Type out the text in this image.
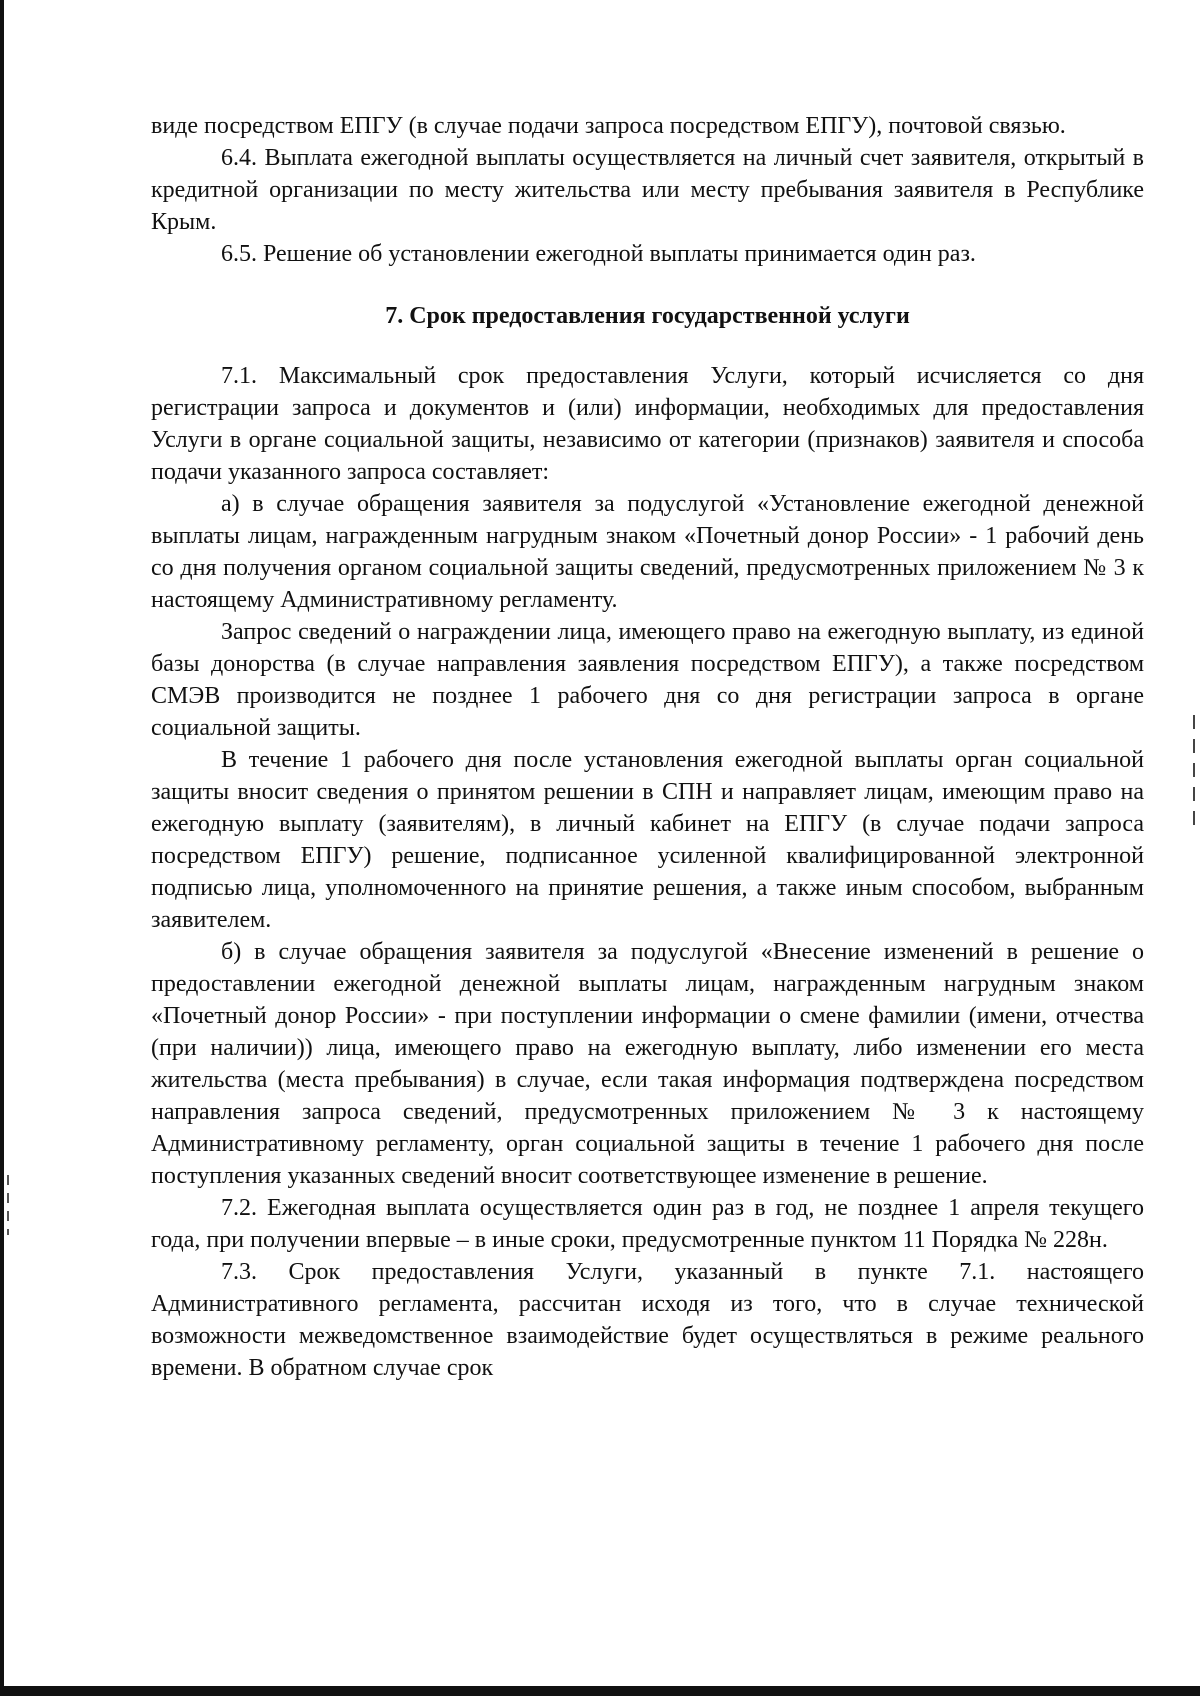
виде посредством ЕПГУ (в случае подачи запроса посредством ЕПГУ), почтовой связью.

6.4. Выплата ежегодной выплаты осуществляется на личный счет заявителя, открытый в кредитной организации по месту жительства или месту пребывания заявителя в Республике Крым.

6.5. Решение об установлении ежегодной выплаты принимается один раз.

7. Срок предоставления государственной услуги

7.1. Максимальный срок предоставления Услуги, который исчисляется со дня регистрации запроса и документов и (или) информации, необходимых для предоставления Услуги в органе социальной защиты, независимо от категории (признаков) заявителя и способа подачи указанного запроса составляет:

а) в случае обращения заявителя за подуслугой «Установление ежегодной денежной выплаты лицам, награжденным нагрудным знаком «Почетный донор России» - 1 рабочий день со дня получения органом социальной защиты сведений, предусмотренных приложением № 3 к настоящему Административному регламенту.

Запрос сведений о награждении лица, имеющего право на ежегодную выплату, из единой базы донорства (в случае направления заявления посредством ЕПГУ), а также посредством СМЭВ производится не позднее 1 рабочего дня со дня регистрации запроса в органе социальной защиты.

В течение 1 рабочего дня после установления ежегодной выплаты орган социальной защиты вносит сведения о принятом решении в СПН и направляет лицам, имеющим право на ежегодную выплату (заявителям), в личный кабинет на ЕПГУ (в случае подачи запроса посредством ЕПГУ) решение, подписанное усиленной квалифицированной электронной подписью лица, уполномоченного на принятие решения, а также иным способом, выбранным заявителем.

б) в случае обращения заявителя за подуслугой «Внесение изменений в решение о предоставлении ежегодной денежной выплаты лицам, награжденным нагрудным знаком «Почетный донор России» - при поступлении информации о смене фамилии (имени, отчества (при наличии)) лица, имеющего право на ежегодную выплату, либо изменении его места жительства (места пребывания) в случае, если такая информация подтверждена посредством направления запроса сведений, предусмотренных приложением № 3 к настоящему Административному регламенту, орган социальной защиты в течение 1 рабочего дня после поступления указанных сведений вносит соответствующее изменение в решение.

7.2. Ежегодная выплата осуществляется один раз в год, не позднее 1 апреля текущего года, при получении впервые – в иные сроки, предусмотренные пунктом 11 Порядка № 228н.

7.3. Срок предоставления Услуги, указанный в пункте 7.1. настоящего Административного регламента, рассчитан исходя из того, что в случае технической возможности межведомственное взаимодействие будет осуществляться в режиме реального времени. В обратном случае срок
